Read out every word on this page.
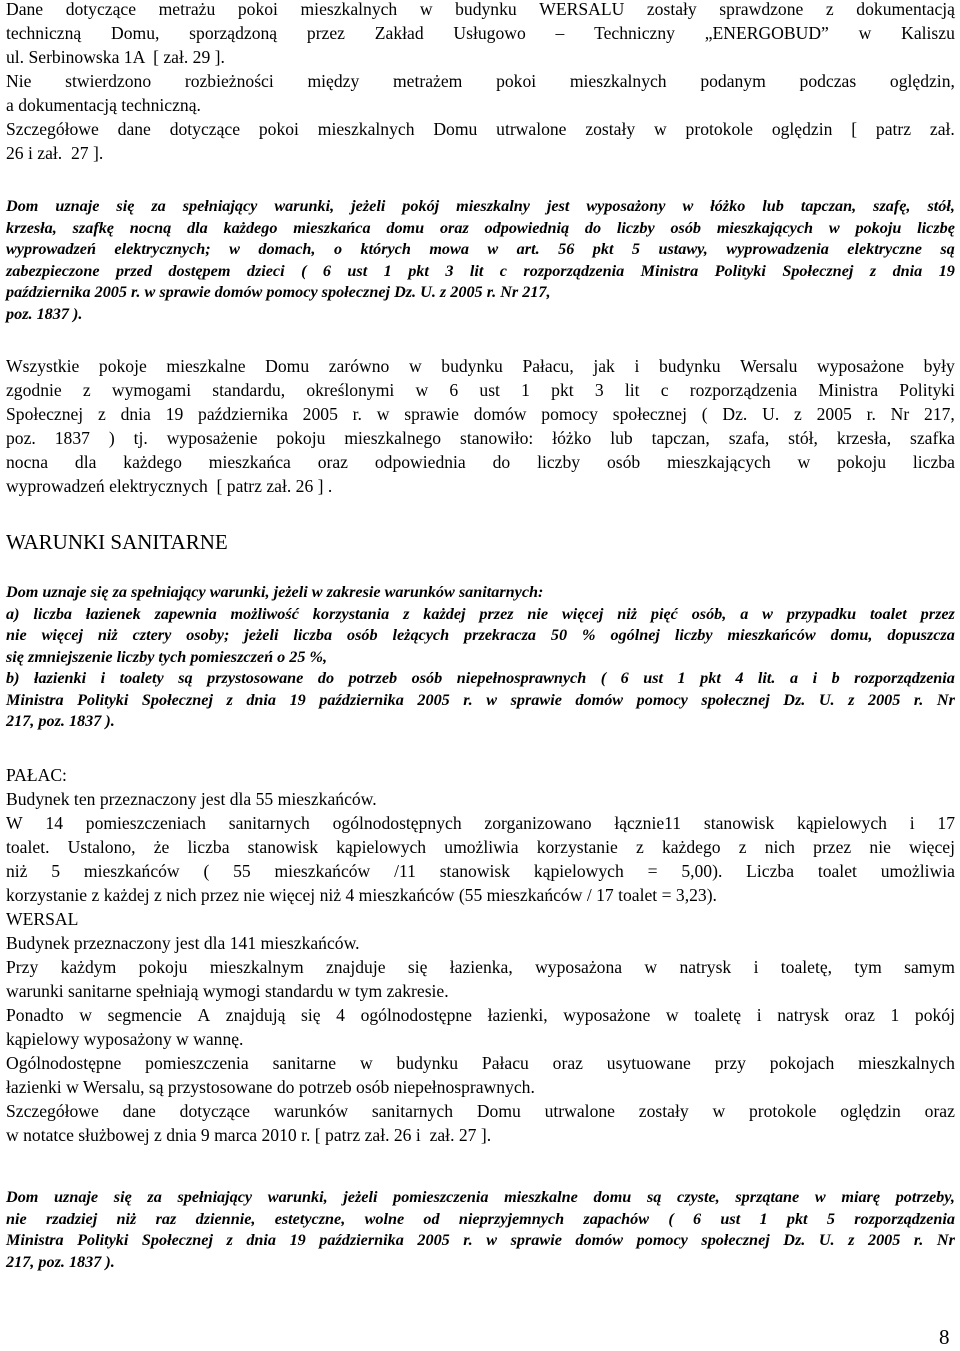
Dane dotyczące metrażu pokoi mieszkalnych w budynku WERSALU zostały sprawdzone z dokumentacją
techniczną Domu, sporządzoną przez Zakład Usługowo – Techniczny „ENERGOBUD” w Kaliszu
ul. Serbinowska 1A  [ zał. 29 ].
Nie stwierdzono rozbieżności między metrażem pokoi mieszkalnych podanym podczas oględzin,
a dokumentacją techniczną.
Szczegółowe dane dotyczące pokoi mieszkalnych Domu utrwalone zostały w protokole oględzin [ patrz zał.
26 i zał.  27 ].
Dom uznaje się za spełniający warunki, jeżeli pokój mieszkalny jest wyposażony w łóżko lub tapczan, szafę, stół,
krzesła, szafkę nocną dla każdego mieszkańca domu oraz odpowiednią do liczby osób mieszkających w pokoju liczbę
wyprowadzeń elektrycznych; w domach, o których mowa w art. 56 pkt 5 ustawy, wyprowadzenia elektryczne są
zabezpieczone przed dostępem dzieci ( 6 ust 1 pkt 3 lit c rozporządzenia Ministra Polityki Społecznej z dnia 19
października 2005 r. w sprawie domów pomocy społecznej Dz. U. z 2005 r. Nr 217,
poz. 1837 ).
Wszystkie pokoje mieszkalne Domu zarówno w budynku Pałacu, jak i budynku Wersalu wyposażone były
zgodnie z wymogami standardu, określonymi w 6 ust 1 pkt 3 lit c rozporządzenia Ministra Polityki
Społecznej z dnia 19 października 2005 r. w sprawie domów pomocy społecznej ( Dz. U. z 2005 r. Nr 217,
poz. 1837 ) tj. wyposażenie pokoju mieszkalnego stanowiło: łóżko lub tapczan, szafa, stół, krzesła, szafka
nocna dla każdego mieszkańca oraz odpowiednia do liczby osób mieszkających w pokoju liczba
wyprowadzeń elektrycznych  [ patrz zał. 26 ] .
WARUNKI SANITARNE
Dom uznaje się za spełniający warunki, jeżeli w zakresie warunków sanitarnych:
a) liczba łazienek zapewnia możliwość korzystania z każdej przez nie więcej niż pięć osób, a w przypadku toalet przez
nie więcej niż cztery osoby; jeżeli liczba osób leżących przekracza 50 % ogólnej liczby mieszkańców domu, dopuszcza
się zmniejszenie liczby tych pomieszczeń o 25 %,
b) łazienki i toalety są przystosowane do potrzeb osób niepełnosprawnych ( 6 ust 1 pkt 4 lit. a i b rozporządzenia
Ministra Polityki Społecznej z dnia 19 października 2005 r. w sprawie domów pomocy społecznej Dz. U. z 2005 r. Nr
217, poz. 1837 ).
PAŁAC:
Budynek ten przeznaczony jest dla 55 mieszkańców.
W 14 pomieszczeniach sanitarnych ogólnodostępnych zorganizowano łącznie11 stanowisk kąpielowych i 17
toalet. Ustalono, że liczba stanowisk kąpielowych umożliwia korzystanie z każdego z nich przez nie więcej
niż 5 mieszkańców ( 55 mieszkańców /11 stanowisk kąpielowych = 5,00). Liczba toalet umożliwia
korzystanie z każdej z nich przez nie więcej niż 4 mieszkańców (55 mieszkańców / 17 toalet = 3,23).
WERSAL
Budynek przeznaczony jest dla 141 mieszkańców.
Przy każdym pokoju mieszkalnym znajduje się łazienka, wyposażona w natrysk i toaletę, tym samym
warunki sanitarne spełniają wymogi standardu w tym zakresie.
Ponadto w segmencie A znajdują się 4 ogólnodostępne łazienki, wyposażone w toaletę i natrysk oraz 1 pokój
kąpielowy wyposażony w wannę.
Ogólnodostępne pomieszczenia sanitarne w budynku Pałacu oraz usytuowane przy pokojach mieszkalnych
łazienki w Wersalu, są przystosowane do potrzeb osób niepełnosprawnych.
Szczegółowe dane dotyczące warunków sanitarnych Domu utrwalone zostały w protokole oględzin oraz
w notatce służbowej z dnia 9 marca 2010 r. [ patrz zał. 26 i  zał. 27 ].
Dom uznaje się za spełniający warunki, jeżeli pomieszczenia mieszkalne domu są czyste, sprzątane w miarę potrzeby,
nie rzadziej niż raz dziennie, estetyczne, wolne od nieprzyjemnych zapachów ( 6 ust 1 pkt 5 rozporządzenia
Ministra Polityki Społecznej z dnia 19 października 2005 r. w sprawie domów pomocy społecznej Dz. U. z 2005 r. Nr
217, poz. 1837 ).
8
